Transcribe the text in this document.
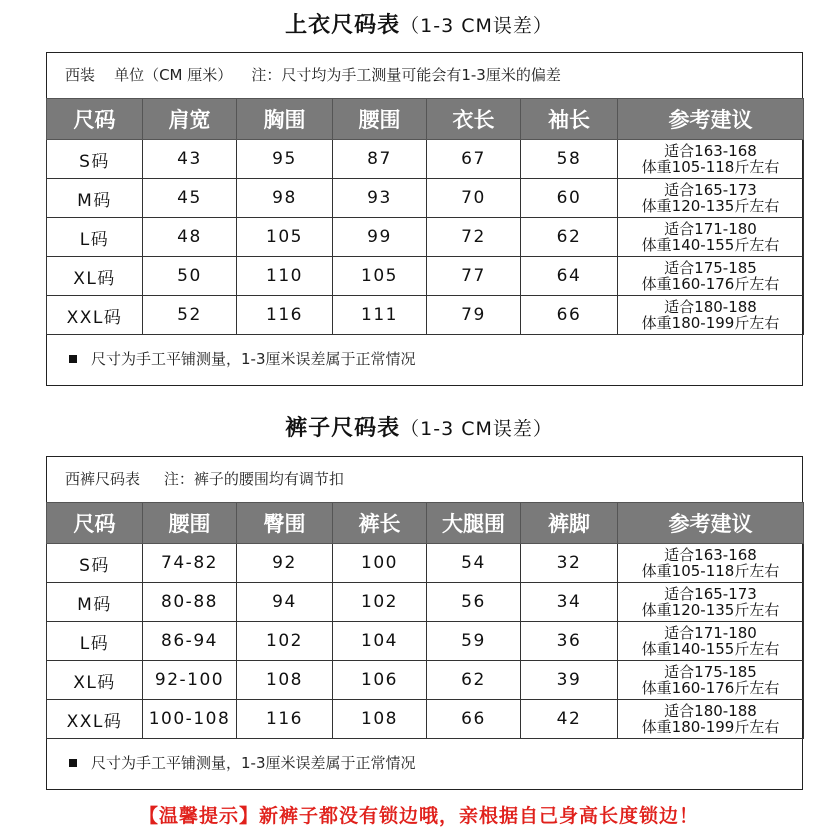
上衣尺码表（1-3 CM误差）
西装    单位（CM 厘米）    注：尺寸均为手工测量可能会有1-3厘米的偏差
尺码	肩宽	胸围	腰围	衣长	袖长	参考建议
S码	43	95	87	67	58	适合163-168
体重105-118斤左右

M码	45	98	93	70	60	适合165-173
体重120-135斤左右

L码	48	105	99	72	62	适合171-180
体重140-155斤左右

XL码	50	110	105	77	64	适合175-185
体重160-176斤左右

XXL码	52	116	111	79	66	适合180-188
体重180-199斤左右
尺寸为手工平铺测量，1-3厘米误差属于正常情况
裤子尺码表（1-3 CM误差）
西裤尺码表     注：裤子的腰围均有调节扣
尺码	腰围	臀围	裤长	大腿围	裤脚	参考建议
S码	74-82	92	100	54	32	适合163-168
体重105-118斤左右

M码	80-88	94	102	56	34	适合165-173
体重120-135斤左右

L码	86-94	102	104	59	36	适合171-180
体重140-155斤左右

XL码	92-100	108	106	62	39	适合175-185
体重160-176斤左右

XXL码	100-108	116	108	66	42	适合180-188
体重180-199斤左右
尺寸为手工平铺测量，1-3厘米误差属于正常情况
【温馨提示】新裤子都没有锁边哦，亲根据自己身高长度锁边！
